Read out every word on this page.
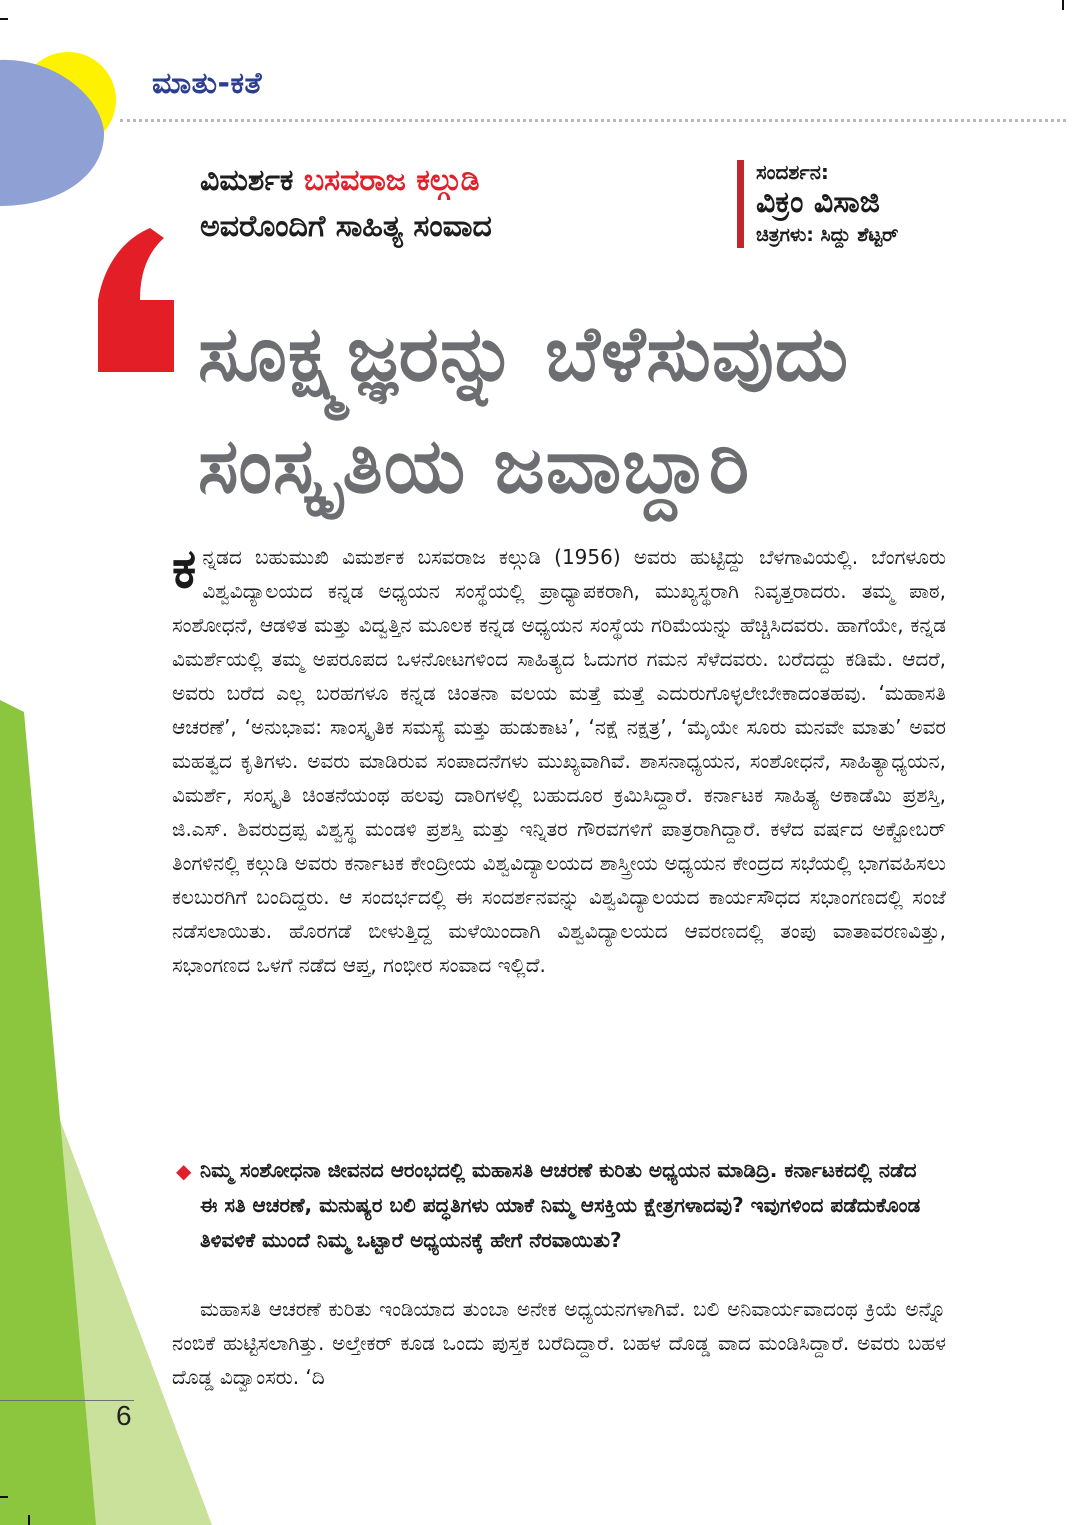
ಮಾತು-ಕತೆ
ವಿಮರ್ಶಕ ಬಸವರಾಜ ಕಲ್ಗುಡಿ
ಅವರೊಂದಿಗೆ ಸಾಹಿತ್ಯ ಸಂವಾದ
ಸಂದರ್ಶನ:
ವಿಕ್ರಂ ವಿಸಾಜಿ
ಚಿತ್ರಗಳು: ಸಿದ್ದು ಶೆಟ್ಟರ್
ಸೂಕ್ಷ್ಮಜ್ಞರನ್ನು ಬೆಳೆಸುವುದು
ಸಂಸ್ಕೃತಿಯ ಜವಾಬ್ದಾರಿ
ಕ ನ್ನಡದ ಬಹುಮುಖಿ ವಿಮರ್ಶಕ ಬಸವರಾಜ ಕಲ್ಗುಡಿ (1956) ಅವರು ಹುಟ್ಟಿದ್ದು ಬೆಳಗಾವಿಯಲ್ಲಿ. ಬೆಂಗಳೂರು ವಿಶ್ವವಿದ್ಯಾಲಯದ ಕನ್ನಡ ಅಧ್ಯಯನ ಸಂಸ್ಥೆಯಲ್ಲಿ ಪ್ರಾಧ್ಯಾಪಕರಾಗಿ, ಮುಖ್ಯಸ್ಥರಾಗಿ ನಿವೃತ್ತರಾದರು. ತಮ್ಮ ಪಾಠ, ಸಂಶೋಧನೆ, ಆಡಳಿತ ಮತ್ತು ವಿದ್ವತ್ತಿನ ಮೂಲಕ ಕನ್ನಡ ಅಧ್ಯಯನ ಸಂಸ್ಥೆಯ ಗರಿಮೆಯನ್ನು ಹೆಚ್ಚಿಸಿದವರು. ಹಾಗೆಯೇ, ಕನ್ನಡ ವಿಮರ್ಶೆಯಲ್ಲಿ ತಮ್ಮ ಅಪರೂಪದ ಒಳನೋಟಗಳಿಂದ ಸಾಹಿತ್ಯದ ಓದುಗರ ಗಮನ ಸೆಳೆದವರು. ಬರೆದದ್ದು ಕಡಿಮೆ. ಆದರೆ, ಅವರು ಬರೆದ ಎಲ್ಲ ಬರಹಗಳೂ ಕನ್ನಡ ಚಿಂತನಾ ವಲಯ ಮತ್ತೆ ಮತ್ತೆ ಎದುರುಗೊಳ್ಳಲೇಬೇಕಾದಂತಹವು. ‘ಮಹಾಸತಿ ಆಚರಣೆ’, ‘ಅನುಭಾವ: ಸಾಂಸ್ಕೃತಿಕ ಸಮಸ್ಯೆ ಮತ್ತು ಹುಡುಕಾಟ’, ‘ನಕ್ಷೆ ನಕ್ಷತ್ರ’, ‘ಮೈಯೇ ಸೂರು ಮನವೇ ಮಾತು’ ಅವರ ಮಹತ್ವದ ಕೃತಿಗಳು. ಅವರು ಮಾಡಿರುವ ಸಂಪಾದನೆಗಳು ಮುಖ್ಯವಾಗಿವೆ. ಶಾಸನಾಧ್ಯಯನ, ಸಂಶೋಧನೆ, ಸಾಹಿತ್ಯಾಧ್ಯಯನ, ವಿಮರ್ಶೆ, ಸಂಸ್ಕೃತಿ ಚಿಂತನೆಯಂಥ ಹಲವು ದಾರಿಗಳಲ್ಲಿ ಬಹುದೂರ ಕ್ರಮಿಸಿದ್ದಾರೆ. ಕರ್ನಾಟಕ ಸಾಹಿತ್ಯ ಅಕಾಡೆಮಿ ಪ್ರಶಸ್ತಿ, ಜಿ.ಎಸ್. ಶಿವರುದ್ರಪ್ಪ ವಿಶ್ವಸ್ಥ ಮಂಡಳಿ ಪ್ರಶಸ್ತಿ ಮತ್ತು ಇನ್ನಿತರ ಗೌರವಗಳಿಗೆ ಪಾತ್ರರಾಗಿದ್ದಾರೆ. ಕಳೆದ ವರ್ಷದ ಅಕ್ಟೋಬರ್ ತಿಂಗಳಿನಲ್ಲಿ ಕಲ್ಗುಡಿ ಅವರು ಕರ್ನಾಟಕ ಕೇಂದ್ರೀಯ ವಿಶ್ವವಿದ್ಯಾಲಯದ ಶಾಸ್ತ್ರೀಯ ಅಧ್ಯಯನ ಕೇಂದ್ರದ ಸಭೆಯಲ್ಲಿ ಭಾಗವಹಿಸಲು ಕಲಬುರಗಿಗೆ ಬಂದಿದ್ದರು. ಆ ಸಂದರ್ಭದಲ್ಲಿ ಈ ಸಂದರ್ಶನವನ್ನು ವಿಶ್ವವಿದ್ಯಾಲಯದ ಕಾರ್ಯಸೌಧದ ಸಭಾಂಗಣದಲ್ಲಿ ಸಂಜೆ ನಡೆಸಲಾಯಿತು. ಹೊರಗಡೆ ಬೀಳುತ್ತಿದ್ದ ಮಳೆಯಿಂದಾಗಿ ವಿಶ್ವವಿದ್ಯಾಲಯದ ಆವರಣದಲ್ಲಿ ತಂಪು ವಾತಾವರಣವಿತ್ತು, ಸಭಾಂಗಣದ ಒಳಗೆ ನಡೆದ ಆಪ್ತ, ಗಂಭೀರ ಸಂವಾದ ಇಲ್ಲಿದೆ.
◆ ನಿಮ್ಮ ಸಂಶೋಧನಾ ಜೀವನದ ಆರಂಭದಲ್ಲಿ ಮಹಾಸತಿ ಆಚರಣೆ ಕುರಿತು ಅಧ್ಯಯನ ಮಾಡಿದ್ರಿ. ಕರ್ನಾಟಕದಲ್ಲಿ ನಡೆದ ಈ ಸತಿ ಆಚರಣೆ, ಮನುಷ್ಯರ ಬಲಿ ಪದ್ಧತಿಗಳು ಯಾಕೆ ನಿಮ್ಮ ಆಸಕ್ತಿಯ ಕ್ಷೇತ್ರಗಳಾದವು? ಇವುಗಳಿಂದ ಪಡೆದುಕೊಂಡ ತಿಳಿವಳಿಕೆ ಮುಂದೆ ನಿಮ್ಮ ಒಟ್ಟಾರೆ ಅಧ್ಯಯನಕ್ಕೆ ಹೇಗೆ ನೆರವಾಯಿತು?
ಮಹಾಸತಿ ಆಚರಣೆ ಕುರಿತು ಇಂಡಿಯಾದ ತುಂಬಾ ಅನೇಕ ಅಧ್ಯಯನಗಳಾಗಿವೆ. ಬಲಿ ಅನಿವಾರ್ಯವಾದಂಥ ಕ್ರಿಯೆ ಅನ್ನೊ ನಂಬಿಕೆ ಹುಟ್ಟಿಸಲಾಗಿತ್ತು. ಅಲ್ತೇಕರ್ ಕೂಡ ಒಂದು ಪುಸ್ತಕ ಬರೆದಿದ್ದಾರೆ. ಬಹಳ ದೊಡ್ಡ ವಾದ ಮಂಡಿಸಿದ್ದಾರೆ. ಅವರು ಬಹಳ ದೊಡ್ಡ ವಿದ್ವಾಂಸರು. ‘ದಿ
6
